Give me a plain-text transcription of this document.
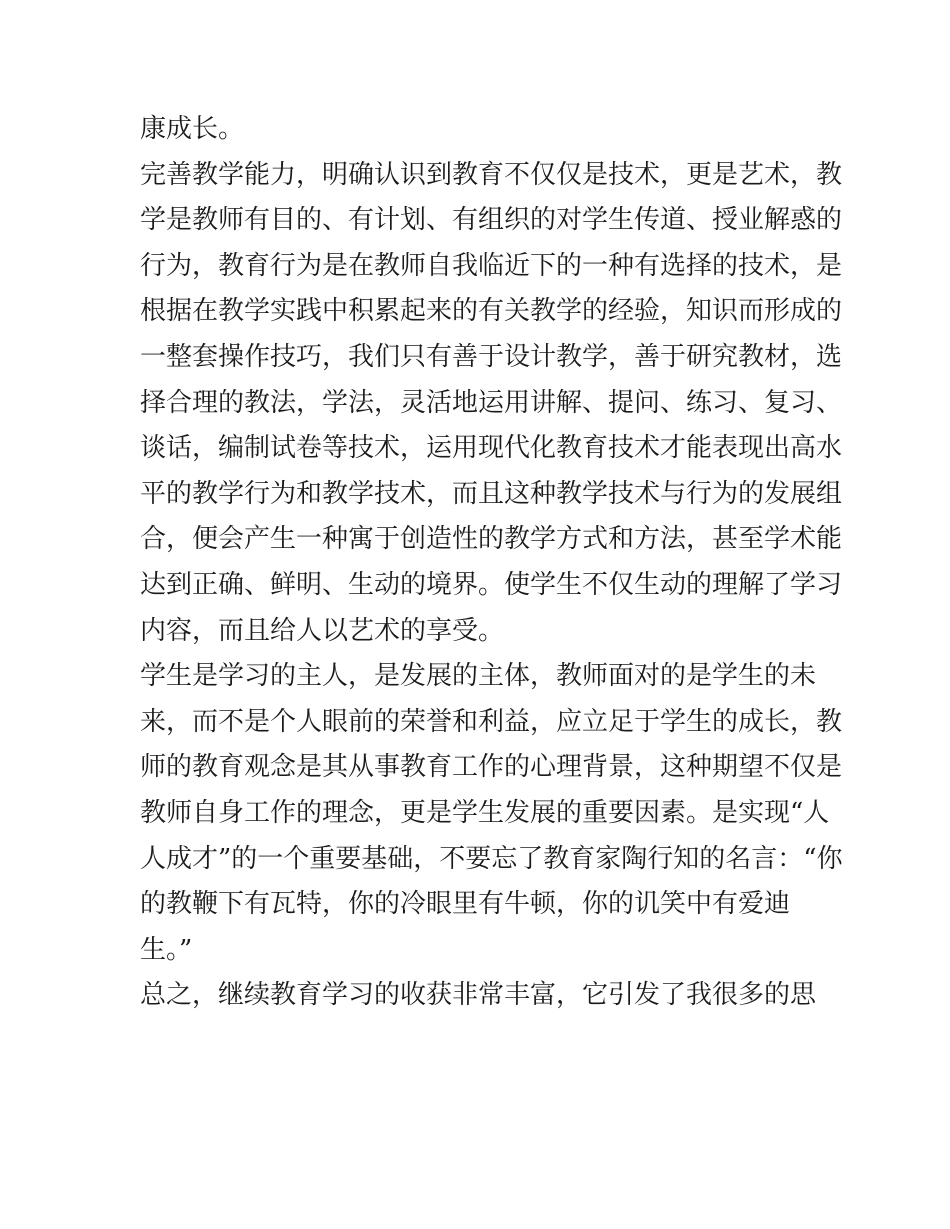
康成长。
完善教学能力，明确认识到教育不仅仅是技术，更是艺术，教
学是教师有目的、有计划、有组织的对学生传道、授业解惑的
行为，教育行为是在教师自我临近下的一种有选择的技术，是
根据在教学实践中积累起来的有关教学的经验，知识而形成的
一整套操作技巧，我们只有善于设计教学，善于研究教材，选
择合理的教法，学法，灵活地运用讲解、提问、练习、复习、
谈话，编制试卷等技术，运用现代化教育技术才能表现出高水
平的教学行为和教学技术，而且这种教学技术与行为的发展组
合，便会产生一种寓于创造性的教学方式和方法，甚至学术能
达到正确、鲜明、生动的境界。使学生不仅生动的理解了学习
内容，而且给人以艺术的享受。
学生是学习的主人，是发展的主体，教师面对的是学生的未
来，而不是个人眼前的荣誉和利益，应立足于学生的成长，教
师的教育观念是其从事教育工作的心理背景，这种期望不仅是
教师自身工作的理念，更是学生发展的重要因素。是实现“人
人成才”的一个重要基础，不要忘了教育家陶行知的名言：“你
的教鞭下有瓦特，你的冷眼里有牛顿，你的讥笑中有爱迪
生。”
总之，继续教育学习的收获非常丰富，它引发了我很多的思
